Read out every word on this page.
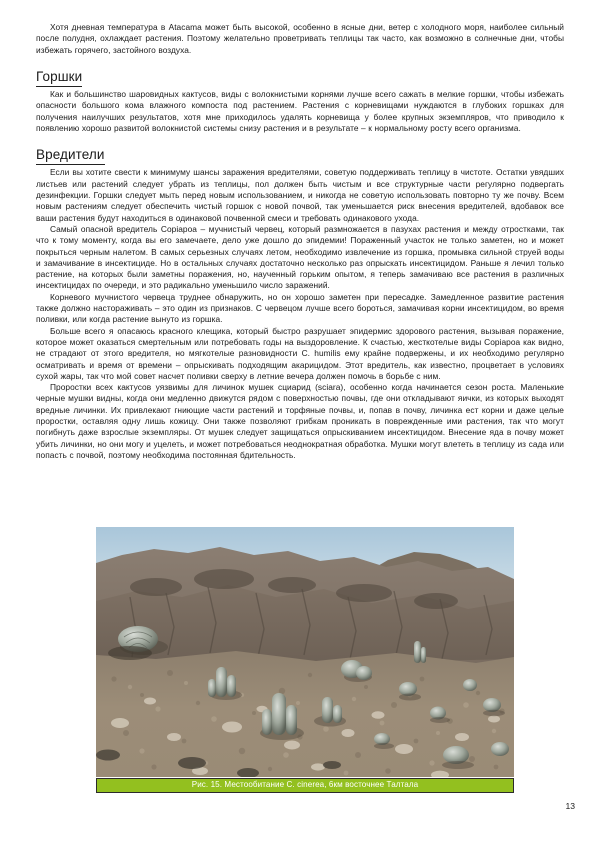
Хотя дневная температура в Atacama может быть высокой, особенно в ясные дни, ветер с холодного моря, наиболее сильный после полудня, охлаждает растения. Поэтому желательно проветривать теплицы так часто, как возможно в солнечные дни, чтобы избежать горячего, застойного воздуха.

Горшки

Как и большинство шаровидных кактусов, виды с волокнистыми корнями лучше всего сажать в мелкие горшки, чтобы избежать опасности большого кома влажного компоста под растением. Растения с корневищами нуждаются в глубоких горшках для получения наилучших результатов, хотя мне приходилось удалять корневища у более крупных экземпляров, что приводило к появлению хорошо развитой волокнистой системы снизу растения и в результате – к нормальному росту всего организма.

Вредители

Если вы хотите свести к минимуму шансы заражения вредителями, советую поддерживать теплицу в чистоте. Остатки увядших листьев или растений следует убрать из теплицы, пол должен быть чистым и все структурные части регулярно подвергать дезинфекции. Горшки следует мыть перед новым использованием, и никогда не советую использовать повторно ту же почву. Всем новым растениям следует обеспечить чистый горшок с новой почвой, так уменьшается риск внесения вредителей, вдобавок все ваши растения будут находиться в одинаковой почвенной смеси и требовать одинакового ухода.

Самый опасной вредитель Copiapoa – мучнистый червец, который размножается в пазухах растения и между отростками, так что к тому моменту, когда вы его замечаете, дело уже дошло до эпидемии! Пораженный участок не только заметен, но и может покрыться черным налетом. В самых серьезных случаях летом, необходимо извлечение из горшка, промывка сильной струей воды и замачивание в инсектициде. Но в остальных случаях достаточно несколько раз опрыскать инсектицидом. Раньше я лечил только растение, на которых были заметны поражения, но, наученный горьким опытом, я теперь замачиваю все растения в различных инсектицидах по очереди, и это радикально уменьшило число заражений.

Корневого мучнистого червеца труднее обнаружить, но он хорошо заметен при пересадке. Замедленное развитие растения также должно настораживать – это один из признаков. С червецом лучше всего бороться, замачивая корни инсектицидом, во время поливки, или когда растение вынуто из горшка.

Больше всего я опасаюсь красного клещика, который быстро разрушает эпидермис здорового растения, вызывая поражение, которое может оказаться смертельным или потребовать годы на выздоровление. К счастью, жесткотелые виды Copiapoa как видно, не страдают от этого вредителя, но мягкотелые разновидности C. humilis ему крайне подвержены, и их необходимо регулярно осматривать и время от времени – опрыскивать подходящим акарицидом. Этот вредитель, как известно, процветает в условиях сухой жары, так что мой совет насчет поливки сверху в летние вечера должен помочь в борьбе с ним.

Проростки всех кактусов уязвимы для личинок мушек сциарид (sciara), особенно когда начинается сезон роста. Маленькие черные мушки видны, когда они медленно движутся рядом с поверхностью почвы, где они откладывают яички, из которых выходят вредные личинки. Их привлекают гниющие части растений и торфяные почвы, и, попав в почву, личинка ест корни и даже целые проростки, оставляя одну лишь кожицу. Они также позволяют грибкам проникать в поврежденные ими растения, так что могут погибнуть даже взрослые экземпляры. От мушек следует защищаться опрыскиванием инсектицидом. Внесение яда в почву может убить личинки, но они могу и уцелеть, и может потребоваться неоднократная обработка. Мушки могут влететь в теплицу из сада или попасть с почвой, поэтому необходима постоянная бдительность.

Рис. 15. Местообитание C. cinerea, 6км восточнее Талтала
13
